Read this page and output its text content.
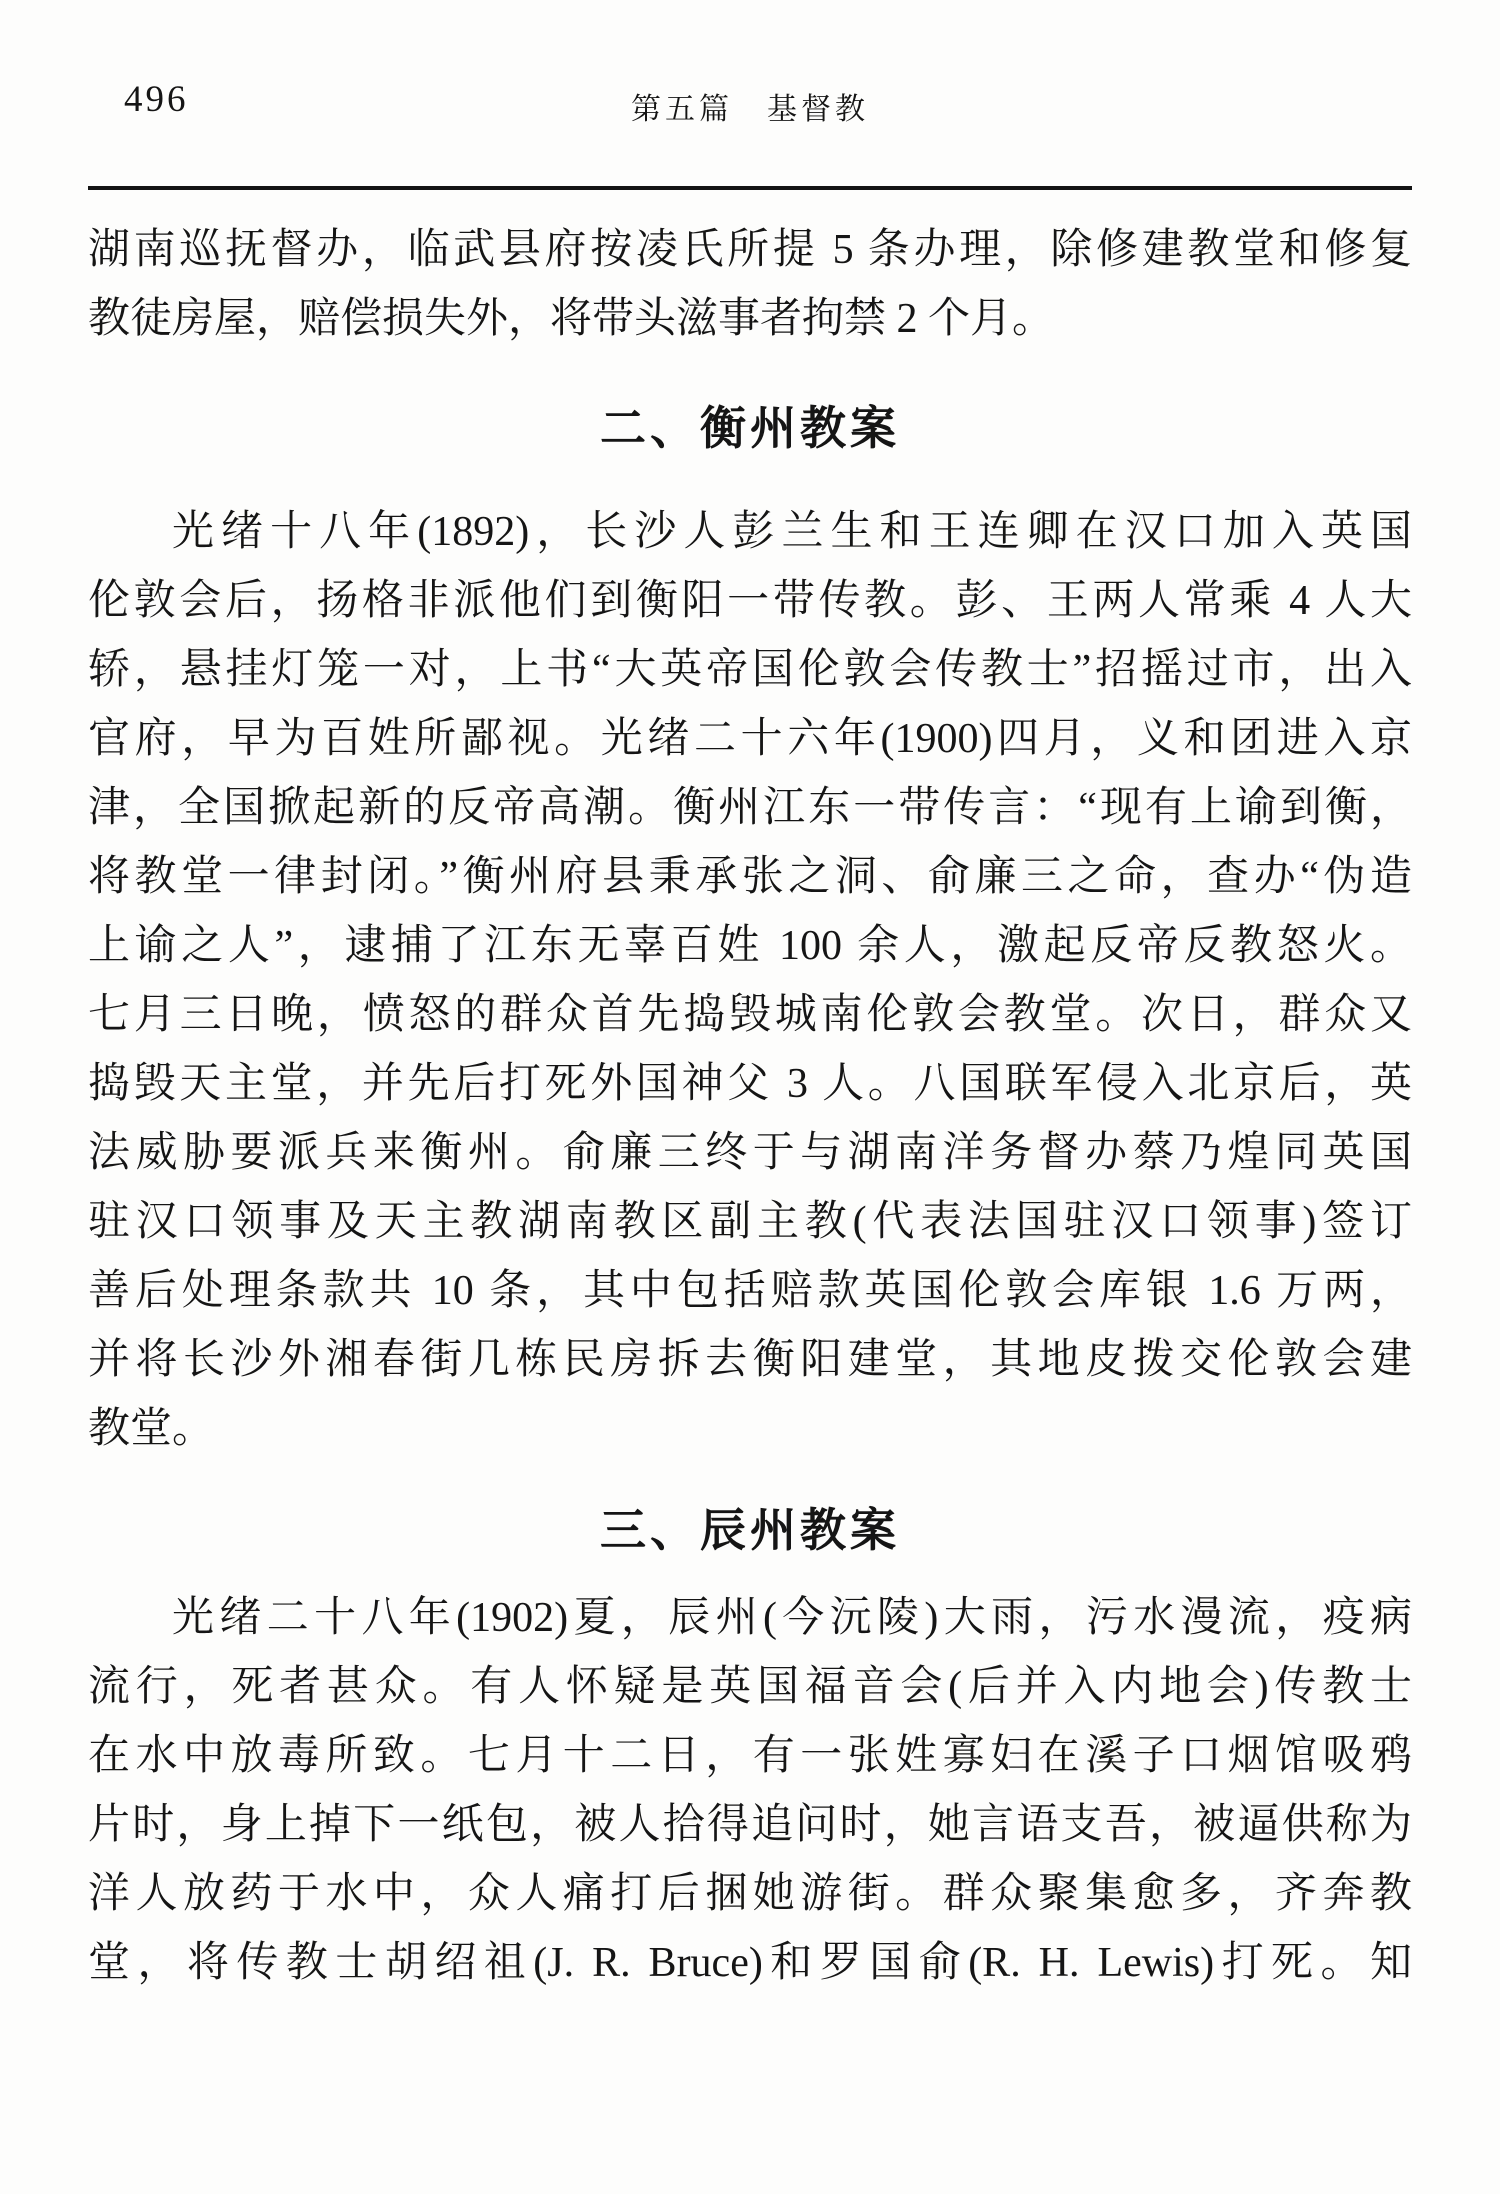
496	第五篇　基督教
湖南巡抚督办，临武县府按凌氏所提 5 条办理，除修建教堂和修复
教徒房屋，赔偿损失外，将带头滋事者拘禁 2 个月。
二、衡州教案
光绪十八年(1892)，长沙人彭兰生和王连卿在汉口加入英国
伦敦会后，扬格非派他们到衡阳一带传教。彭、王两人常乘 4 人大
轿，悬挂灯笼一对，上书“大英帝国伦敦会传教士”招摇过市，出入
官府，早为百姓所鄙视。光绪二十六年(1900)四月，义和团进入京
津，全国掀起新的反帝高潮。衡州江东一带传言：“现有上谕到衡，
将教堂一律封闭。”衡州府县秉承张之洞、俞廉三之命，查办“伪造
上谕之人”，逮捕了江东无辜百姓 100 余人，激起反帝反教怒火。
七月三日晚，愤怒的群众首先捣毁城南伦敦会教堂。次日，群众又
捣毁天主堂，并先后打死外国神父 3 人。八国联军侵入北京后，英
法威胁要派兵来衡州。俞廉三终于与湖南洋务督办蔡乃煌同英国
驻汉口领事及天主教湖南教区副主教(代表法国驻汉口领事)签订
善后处理条款共 10 条，其中包括赔款英国伦敦会库银 1.6 万两，
并将长沙外湘春街几栋民房拆去衡阳建堂，其地皮拨交伦敦会建
教堂。
三、辰州教案
光绪二十八年(1902)夏，辰州(今沅陵)大雨，污水漫流，疫病
流行，死者甚众。有人怀疑是英国福音会(后并入内地会)传教士
在水中放毒所致。七月十二日，有一张姓寡妇在溪子口烟馆吸鸦
片时，身上掉下一纸包，被人拾得追问时，她言语支吾，被逼供称为
洋人放药于水中，众人痛打后捆她游街。群众聚集愈多，齐奔教
堂，将传教士胡绍祖(J. R. Bruce)和罗国俞(R. H. Lewis)打死。知
